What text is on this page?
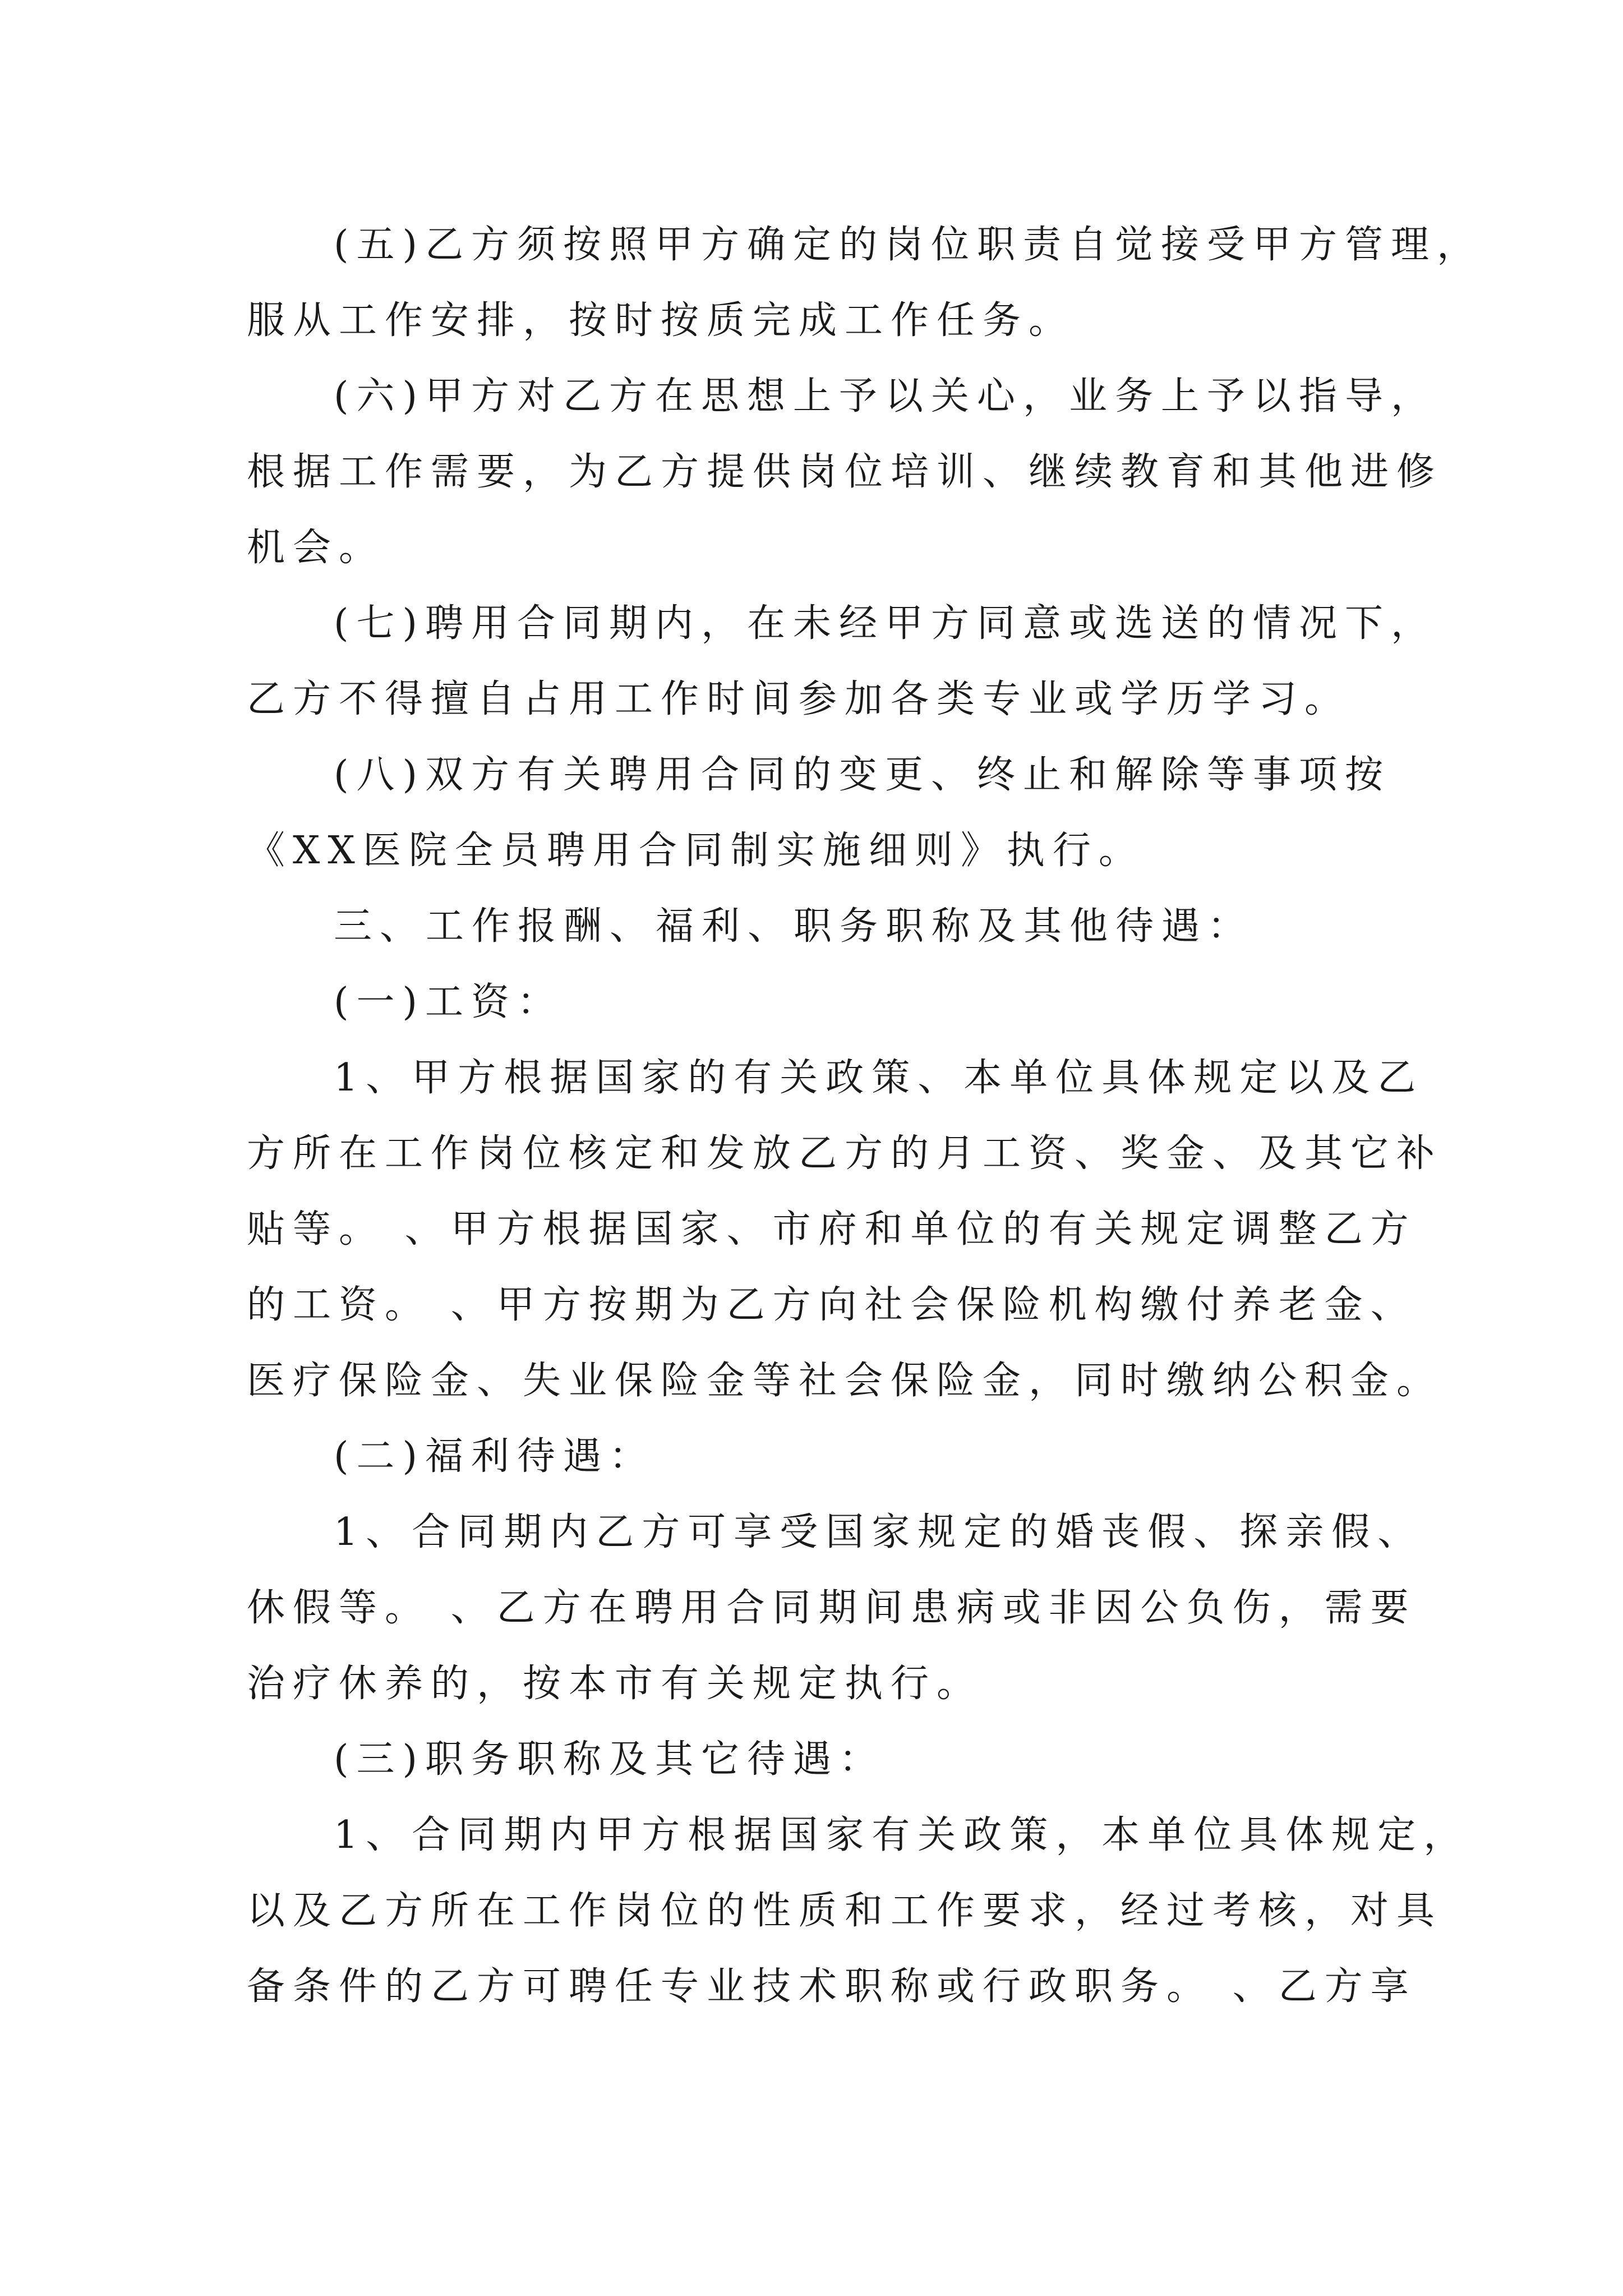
(五)乙方须按照甲方确定的岗位职责自觉接受甲方管理，
服从工作安排，按时按质完成工作任务。
(六)甲方对乙方在思想上予以关心，业务上予以指导，
根据工作需要，为乙方提供岗位培训、继续教育和其他进修
机会。
(七)聘用合同期内，在未经甲方同意或选送的情况下，
乙方不得擅自占用工作时间参加各类专业或学历学习。
(八)双方有关聘用合同的变更、终止和解除等事项按
《XX医院全员聘用合同制实施细则》执行。
三、工作报酬、福利、职务职称及其他待遇：
(一)工资：
1、甲方根据国家的有关政策、本单位具体规定以及乙
方所在工作岗位核定和发放乙方的月工资、奖金、及其它补
贴等。 、甲方根据国家、市府和单位的有关规定调整乙方
的工资。 、甲方按期为乙方向社会保险机构缴付养老金、
医疗保险金、失业保险金等社会保险金，同时缴纳公积金。
(二)福利待遇：
1、合同期内乙方可享受国家规定的婚丧假、探亲假、
休假等。 、乙方在聘用合同期间患病或非因公负伤，需要
治疗休养的，按本市有关规定执行。
(三)职务职称及其它待遇：
1、合同期内甲方根据国家有关政策，本单位具体规定，
以及乙方所在工作岗位的性质和工作要求，经过考核，对具
备条件的乙方可聘任专业技术职称或行政职务。 、乙方享
